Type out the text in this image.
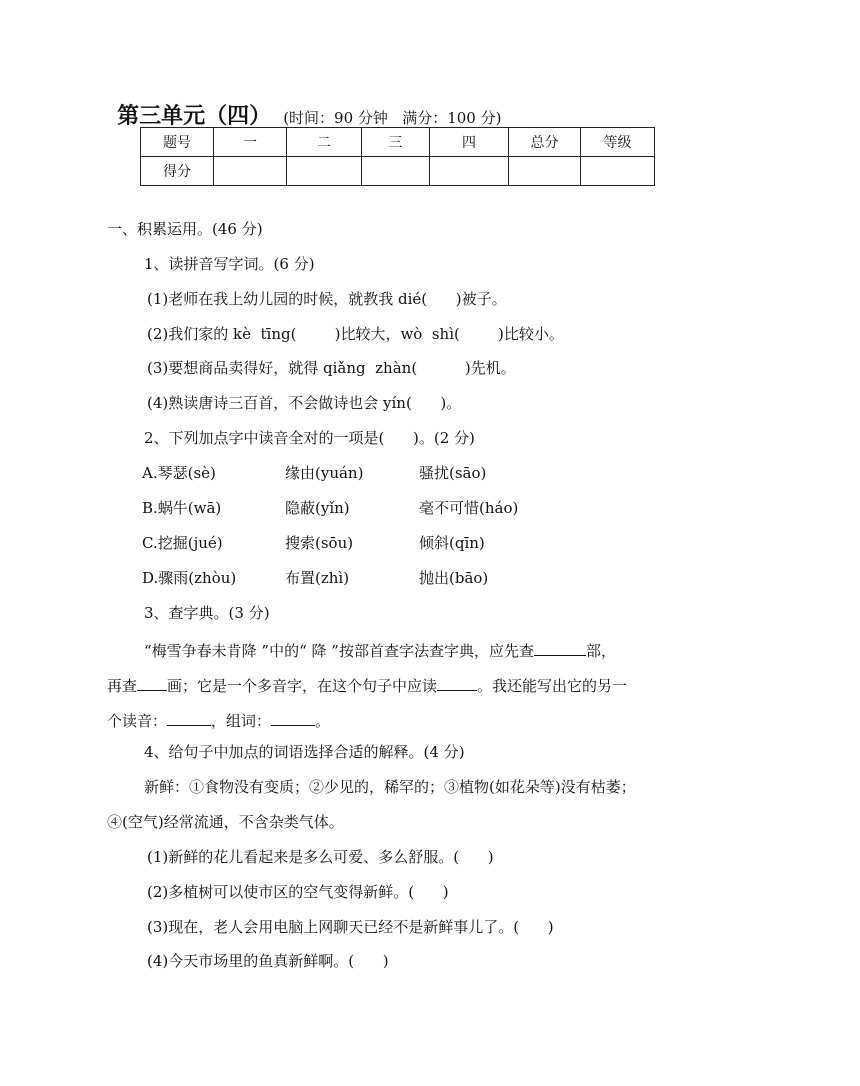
第三单元（四） (时间：90 分钟   满分：100 分)

题号	一	二	三	四	总分	等级
得分						
一、积累运用。(46 分)
1、读拼音写字词。(6 分)
(1)老师在我上幼儿园的时候，就教我 dié(      )被子。
(2)我们家的 kè  tīng(        )比较大，wò  shì(        )比较小。
(3)要想商品卖得好，就得 qiǎng  zhàn(          )先机。
(4)熟读唐诗三百首，不会做诗也会 yín(      )。
2、下列加点字中读音全对的一项是(      )。(2 分)
A.琴瑟(sè)	缘由(yuán)	骚扰(sāo)
B.蜗牛(wā)	隐蔽(yǐn)	毫不可惜(háo)
C.挖掘(jué)	搜索(sōu)	倾斜(qīn)
D.骤雨(zhòu)	布置(zhì)	抛出(bāo)
3、查字典。(3 分)
“梅雪争春未肯降 ”中的“ 降 ”按部首查字法查字典，应先查	部，
再查 画；它是一个多音字，在这个句子中应读	。我还能写出它的另一
个读音：	，组词：	。
4、给句子中加点的词语选择合适的解释。(4 分)
新鲜：①食物没有变质；②少见的，稀罕的；③植物(如花朵等)没有枯萎；
④(空气)经常流通，不含杂类气体。
(1)新鲜的花儿看起来是多么可爱、多么舒服。(      )
(2)多植树可以使市区的空气变得新鲜。(      )
(3)现在，老人会用电脑上网聊天已经不是新鲜事儿了。(      )
(4)今天市场里的鱼真新鲜啊。(      )
